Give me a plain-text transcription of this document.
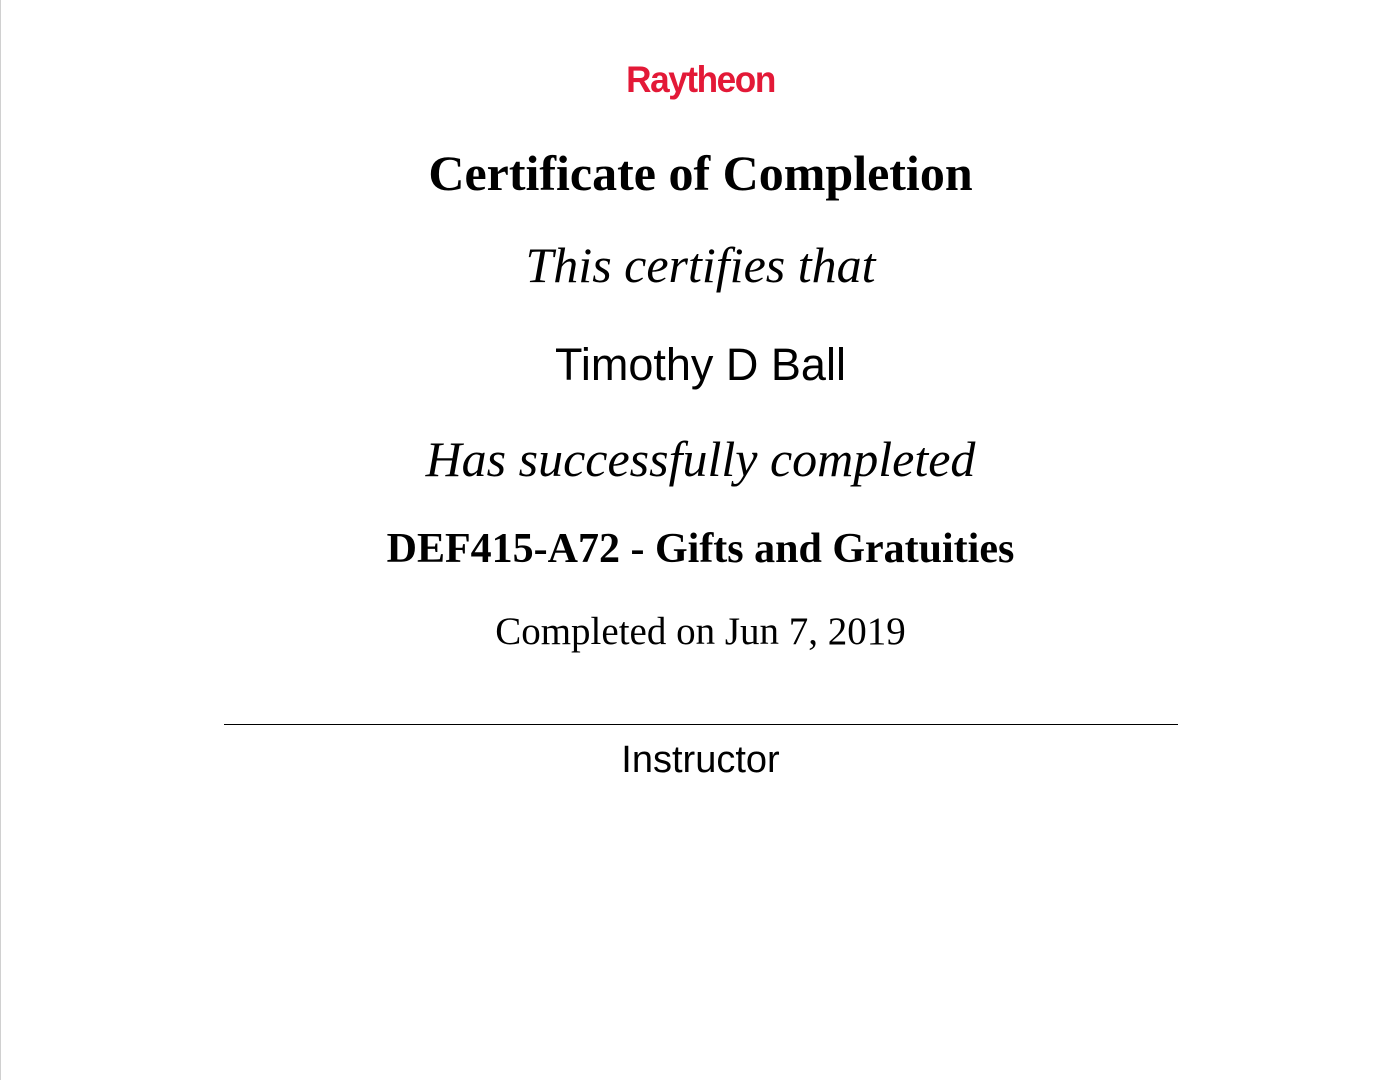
Raytheon
Certificate of Completion
This certifies that
Timothy D Ball
Has successfully completed
DEF415-A72 - Gifts and Gratuities
Completed on Jun 7, 2019
Instructor
